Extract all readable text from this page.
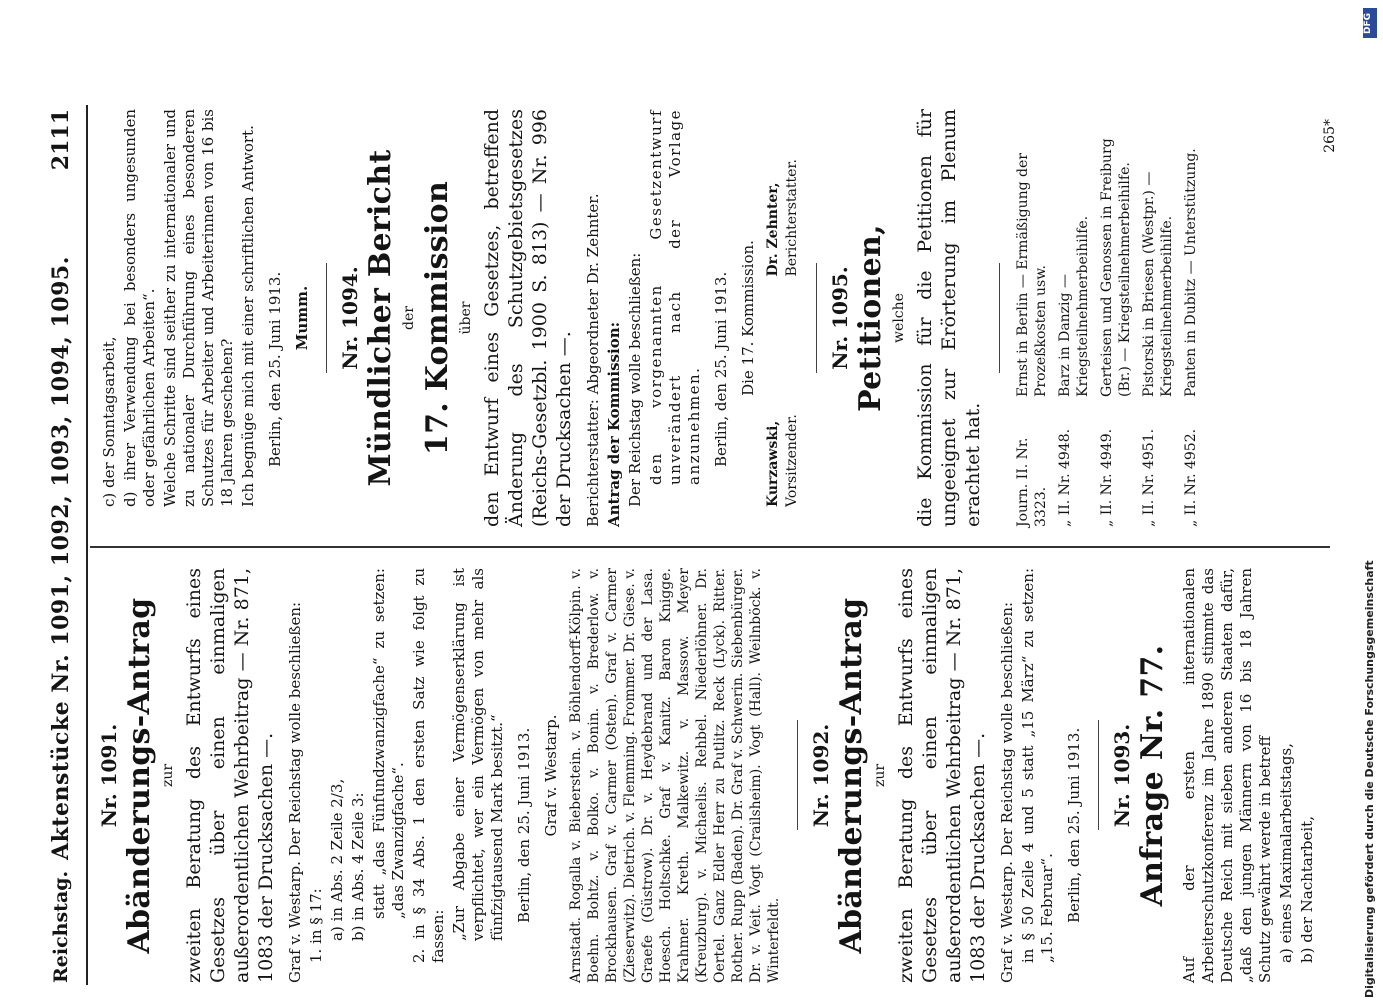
Reichstag.
Aktenstücke Nr. 1091, 1092, 1093, 1094, 1095.
2111
Nr. 1091. Abänderungs-Antrag zur zweiten Beratung des Entwurfs eines Gesetzes über einen einmaligen außerordentlichen Wehrbeitrag — Nr. 871, 1083 der Drucksachen —. Graf v. Westarp. Der Reichstag wolle beschließen: 1. in § 17: a) in Abs. 2 Zeile 2/3, b) in Abs. 4 Zeile 3: statt „das Fünfundzwanzigfache“ zu setzen: „das Zwanzigfache“. 2. in § 34 Abs. 1 den ersten Satz wie folgt zu fassen: „Zur Abgabe einer Vermögenserklärung ist verpflichtet, wer ein Vermögen von mehr als fünfzigtausend Mark besitzt.“ Berlin, den 25. Juni 1913. Graf v. Westarp. Arnstadt. Rogalla v. Bieberstein. v. Böhlendorff-Kölpin. v. Boehn. Bohtz. v. Bolko. v. Bonin. v. Brederlow. v. Brockhausen. Graf v. Carmer (Osten). Graf v. Carmer (Zieserwitz). Dietrich. v. Flemming. Frommer. Dr. Giese. v. Graefe (Güstrow). Dr. v. Heydebrand und der Lasa. Hoesch. Holtschke. Graf v. Kanitz. Baron Knigge. Krahmer. Kreth. Malkewitz. v. Massow. Meyer (Kreuzburg). v. Michaelis. Rehbel. Niederlöhner. Dr. Oertel. Ganz Edler Herr zu Putlitz. Reck (Lyck). Ritter. Rother. Rupp (Baden). Dr. Graf v. Schwerin. Siebenbürger. Dr. v. Veit. Vogt (Crailsheim). Vogt (Hall). Weilnböck. v. Winterfeldt.
Nr. 1092. Abänderungs-Antrag zur zweiten Beratung des Entwurfs eines Gesetzes über einen einmaligen außerordentlichen Wehrbeitrag — Nr. 871, 1083 der Drucksachen —. Graf v. Westarp. Der Reichstag wolle beschließen: in § 50 Zeile 4 und 5 statt „15 März“ zu setzen: „15. Februar“. Berlin, den 25. Juni 1913. Nr. 1093. Anfrage Nr. 77. Auf der ersten internationalen Arbeiterschutzkonferenz im Jahre 1890 stimmte das Deutsche Reich mit sieben anderen Staaten dafür, „daß den jungen Männern von 16 bis 18 Jahren Schutz gewährt werde in betreff a) eines Maximalarbeitstags, b) der Nachtarbeit,
c) der Sonntagsarbeit, d) ihrer Verwendung bei besonders ungesunden oder gefährlichen Arbeiten“. Welche Schritte sind seither zu internationaler und zu nationaler Durchführung eines besonderen Schutzes für Arbeiter und Arbeiterinnen von 16 bis 18 Jahren geschehen? Ich begnüge mich mit einer schriftlichen Antwort. Berlin, den 25. Juni 1913. Mumm. Nr. 1094. Mündlicher Bericht der 17. Kommission über den Entwurf eines Gesetzes, betreffend Änderung des Schutzgebietsgesetzes (Reichs-Gesetzbl. 1900 S. 813) — Nr. 996 der Drucksachen —. Berichterstatter: Abgeordneter Dr. Zehnter. Antrag der Kommission: Der Reichstag wolle beschließen: den vorgenannten Gesetzentwurf unverändert nach der Vorlage anzunehmen. Berlin, den 25. Juni 1913. Die 17. Kommission.
Kurzawski, Vorsitzender.
Dr. Zehnter, Berichterstatter.
Nr. 1095. Petitionen, welche die Kommission für die Petitionen für ungeeignet zur Erörterung im Plenum erachtet hat. Journ. II. Nr. 3323.
Ernst in Berlin — Ermäßigung der Prozeßkosten usw.
„ II. Nr. 4948.
Barz in Danzig — Kriegsteilnehmerbeihilfe.
„ II. Nr. 4949.
Gerteisen und Genossen in Freiburg (Br.) — Kriegsteilnehmerbeihilfe.
„ II. Nr. 4951.
Pistorski in Briesen (Westpr.) — Kriegsteilnehmerbeihilfe.
„ II. Nr. 4952.
Panten in Dubitz — Unterstützung.
265*
DFG
Digitalisierung gefördert durch die Deutsche Forschungsgemeinschaft
